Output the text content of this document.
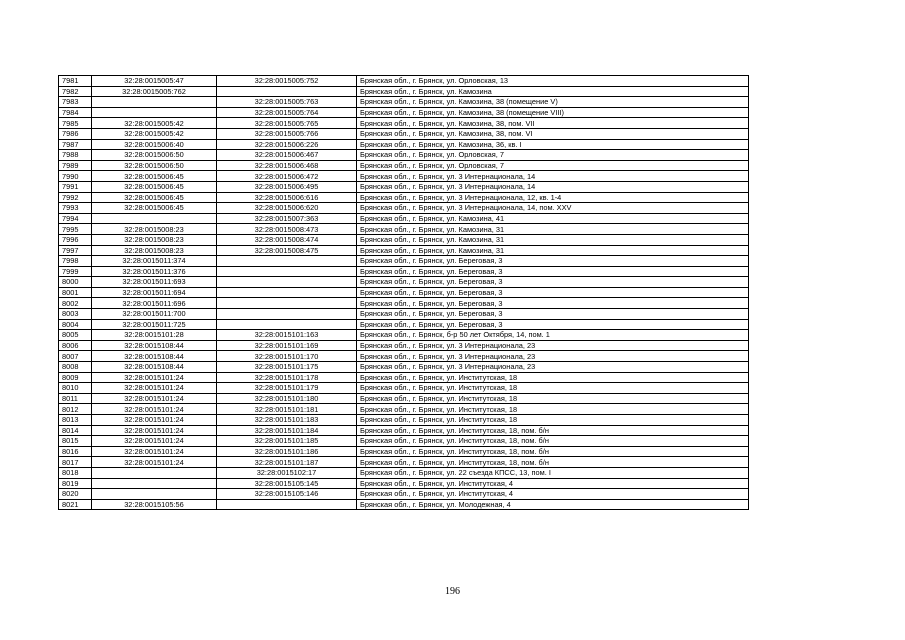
7981	32:28:0015005:47	32:28:0015005:752	Брянская обл., г. Брянск, ул. Орловская, 13
7982	32:28:0015005:762		Брянская обл., г. Брянск, ул. Камозина
7983		32:28:0015005:763	Брянская обл., г. Брянск, ул. Камозина, 38 (помещение V)
7984		32:28:0015005:764	Брянская обл., г. Брянск, ул. Камозина, 38 (помещение VIII)
7985	32:28:0015005:42	32:28:0015005:765	Брянская обл., г. Брянск, ул. Камозина, 38, пом. VII
7986	32:28:0015005:42	32:28:0015005:766	Брянская обл., г. Брянск, ул. Камозина, 38, пом. VI
7987	32:28:0015006:40	32:28:0015006:226	Брянская обл., г. Брянск, ул. Камозина, 36, кв. I
7988	32:28:0015006:50	32:28:0015006:467	Брянская обл., г. Брянск, ул. Орловская, 7
7989	32:28:0015006:50	32:28:0015006:468	Брянская обл., г. Брянск, ул. Орловская, 7
7990	32:28:0015006:45	32:28:0015006:472	Брянская обл., г. Брянск, ул. 3 Интернационала, 14
7991	32:28:0015006:45	32:28:0015006:495	Брянская обл., г. Брянск, ул. 3 Интернационала, 14
7992	32:28:0015006:45	32:28:0015006:616	Брянская обл., г. Брянск, ул. 3 Интернационала, 12, кв. 1-4
7993	32:28:0015006:45	32:28:0015006:620	Брянская обл., г. Брянск, ул. 3 Интернационала, 14, пом. XXV
7994		32:28:0015007:363	Брянская обл., г. Брянск, ул. Камозина, 41
7995	32:28:0015008:23	32:28:0015008:473	Брянская обл., г. Брянск, ул. Камозина, 31
7996	32:28:0015008:23	32:28:0015008:474	Брянская обл., г. Брянск, ул. Камозина, 31
7997	32:28:0015008:23	32:28:0015008:475	Брянская обл., г. Брянск, ул. Камозина, 31
7998	32:28:0015011:374		Брянская обл., г. Брянск, ул. Береговая, 3
7999	32:28:0015011:376		Брянская обл., г. Брянск, ул. Береговая, 3
8000	32:28:0015011:693		Брянская обл., г. Брянск, ул. Береговая, 3
8001	32:28:0015011:694		Брянская обл., г. Брянск, ул. Береговая, 3
8002	32:28:0015011:696		Брянская обл., г. Брянск, ул. Береговая, 3
8003	32:28:0015011:700		Брянская обл., г. Брянск, ул. Береговая, 3
8004	32:28:0015011:725		Брянская обл., г. Брянск, ул. Береговая, 3
8005	32:28:0015101:28	32:28:0015101:163	Брянская обл., г. Брянск, б-р 50 лет Октября, 14, пом. 1
8006	32:28:0015108:44	32:28:0015101:169	Брянская обл., г. Брянск, ул. 3 Интернационала, 23
8007	32:28:0015108:44	32:28:0015101:170	Брянская обл., г. Брянск, ул. 3 Интернационала, 23
8008	32:28:0015108:44	32:28:0015101:175	Брянская обл., г. Брянск, ул. 3 Интернационала, 23
8009	32:28:0015101:24	32:28:0015101:178	Брянская обл., г. Брянск, ул. Институтская, 18
8010	32:28:0015101:24	32:28:0015101:179	Брянская обл., г. Брянск, ул. Институтская, 18
8011	32:28:0015101:24	32:28:0015101:180	Брянская обл., г. Брянск, ул. Институтская, 18
8012	32:28:0015101:24	32:28:0015101:181	Брянская обл., г. Брянск, ул. Институтская, 18
8013	32:28:0015101:24	32:28:0015101:183	Брянская обл., г. Брянск, ул. Институтская, 18
8014	32:28:0015101:24	32:28:0015101:184	Брянская обл., г. Брянск, ул. Институтская, 18, пом. б/н
8015	32:28:0015101:24	32:28:0015101:185	Брянская обл., г. Брянск, ул. Институтская, 18, пом. б/н
8016	32:28:0015101:24	32:28:0015101:186	Брянская обл., г. Брянск, ул. Институтская, 18, пом. б/н
8017	32:28:0015101:24	32:28:0015101:187	Брянская обл., г. Брянск, ул. Институтская, 18, пом. б/н
8018		32:28:0015102:17	Брянская обл., г. Брянск, ул. 22 съезда КПСС, 13, пом. I
8019		32:28:0015105:145	Брянская обл., г. Брянск, ул. Институтская, 4
8020		32:28:0015105:146	Брянская обл., г. Брянск, ул. Институтская, 4
8021	32:28:0015105:56		Брянская обл., г. Брянск, ул. Молодежная, 4
196
